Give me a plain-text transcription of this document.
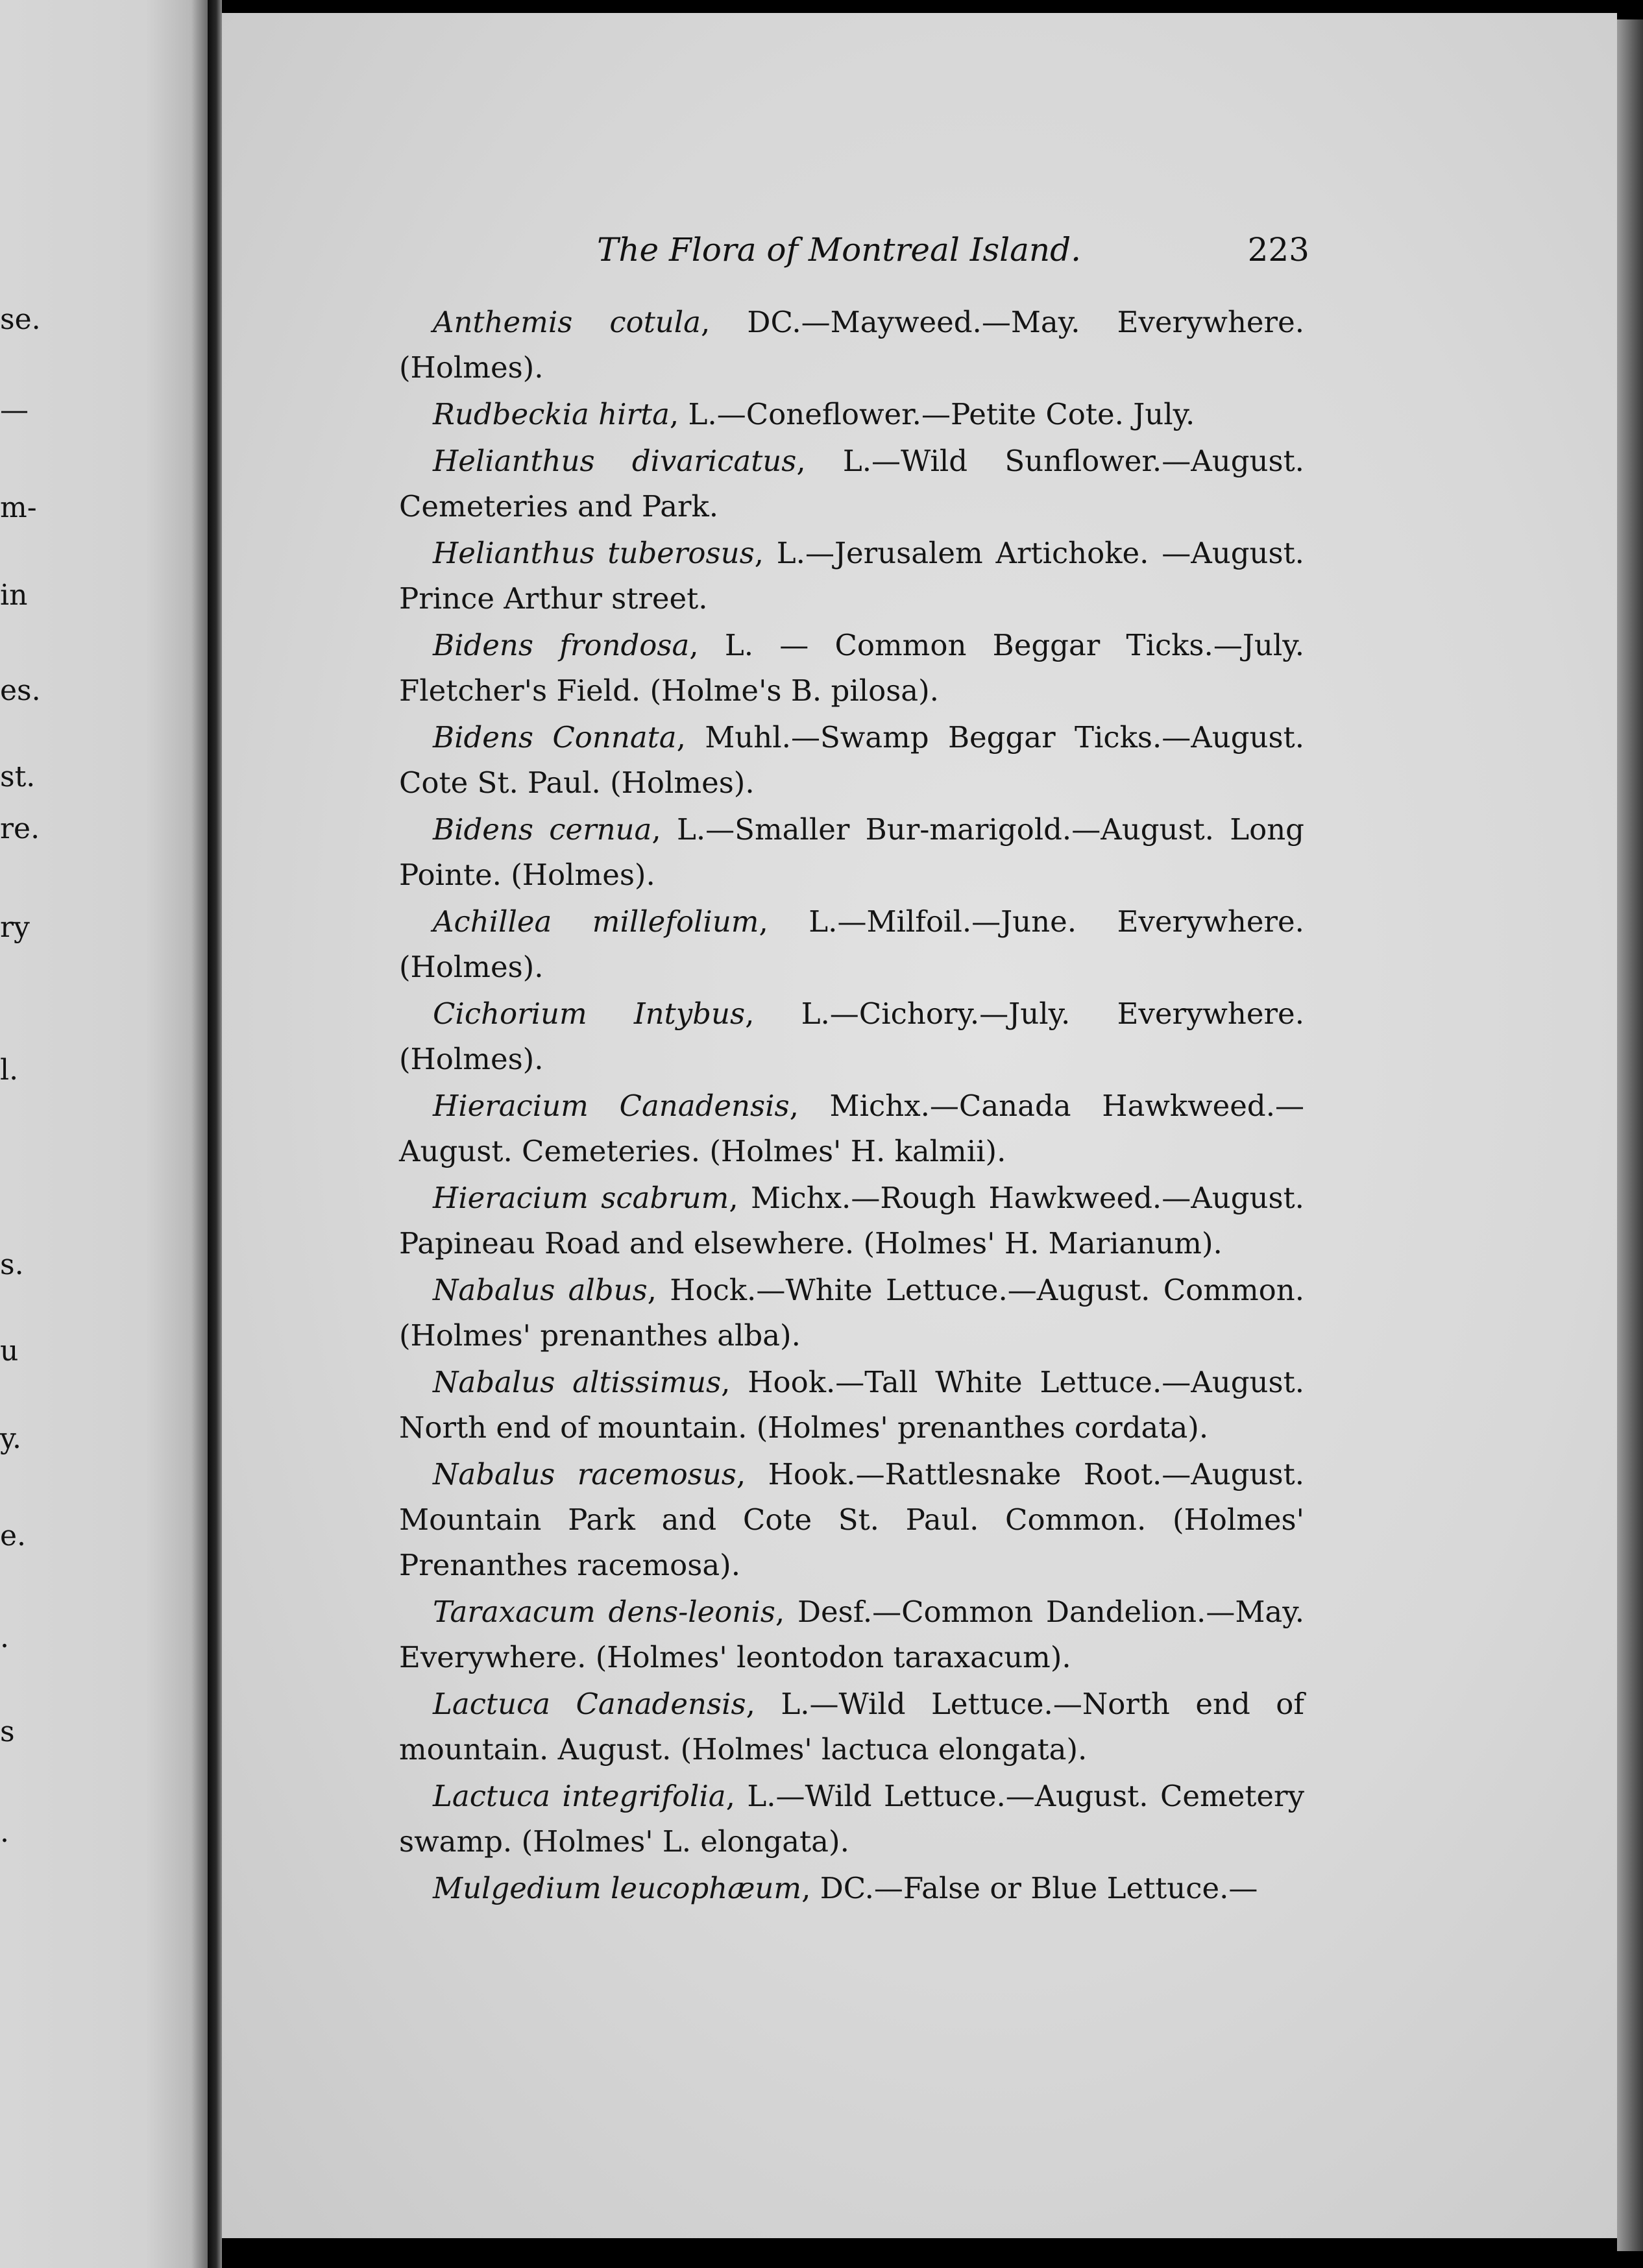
se.
—
m-
in
es.
st.
re.
ry
l.
s.
u
y.
e.
.
s
.
The Flora of Montreal Island.	223

Anthemis cotula, DC.—Mayweed.—May. Everywhere. (Holmes).

Rudbeckia hirta, L.—Coneflower.—Petite Cote. July.

Helianthus divaricatus, L.—Wild Sunflower.—August. Cemeteries and Park.

Helianthus tuberosus, L.—Jerusalem Artichoke. —August. Prince Arthur street.

Bidens frondosa, L. — Common Beggar Ticks.—July. Fletcher's Field. (Holme's B. pilosa).

Bidens Connata, Muhl.—Swamp Beggar Ticks.—August. Cote St. Paul. (Holmes).

Bidens cernua, L.—Smaller Bur-marigold.—August. Long Pointe. (Holmes).

Achillea millefolium, L.—Milfoil.—June. Everywhere. (Holmes).

Cichorium Intybus, L.—Cichory.—July. Everywhere. (Holmes).

Hieracium Canadensis, Michx.—Canada Hawkweed.— August. Cemeteries. (Holmes' H. kalmii).

Hieracium scabrum, Michx.—Rough Hawkweed.—August. Papineau Road and elsewhere. (Holmes' H. Marianum).

Nabalus albus, Hock.—White Lettuce.—August. Common. (Holmes' prenanthes alba).

Nabalus altissimus, Hook.—Tall White Lettuce.—August. North end of mountain. (Holmes' prenanthes cordata).

Nabalus racemosus, Hook.—Rattlesnake Root.—August. Mountain Park and Cote St. Paul. Common. (Holmes' Prenanthes racemosa).

Taraxacum dens-leonis, Desf.—Common Dandelion.—May. Everywhere. (Holmes' leontodon taraxacum).

Lactuca Canadensis, L.—Wild Lettuce.—North end of mountain. August. (Holmes' lactuca elongata).

Lactuca integrifolia, L.—Wild Lettuce.—August. Cemetery swamp. (Holmes' L. elongata).

Mulgedium leucophæum, DC.—False or Blue Lettuce.—
